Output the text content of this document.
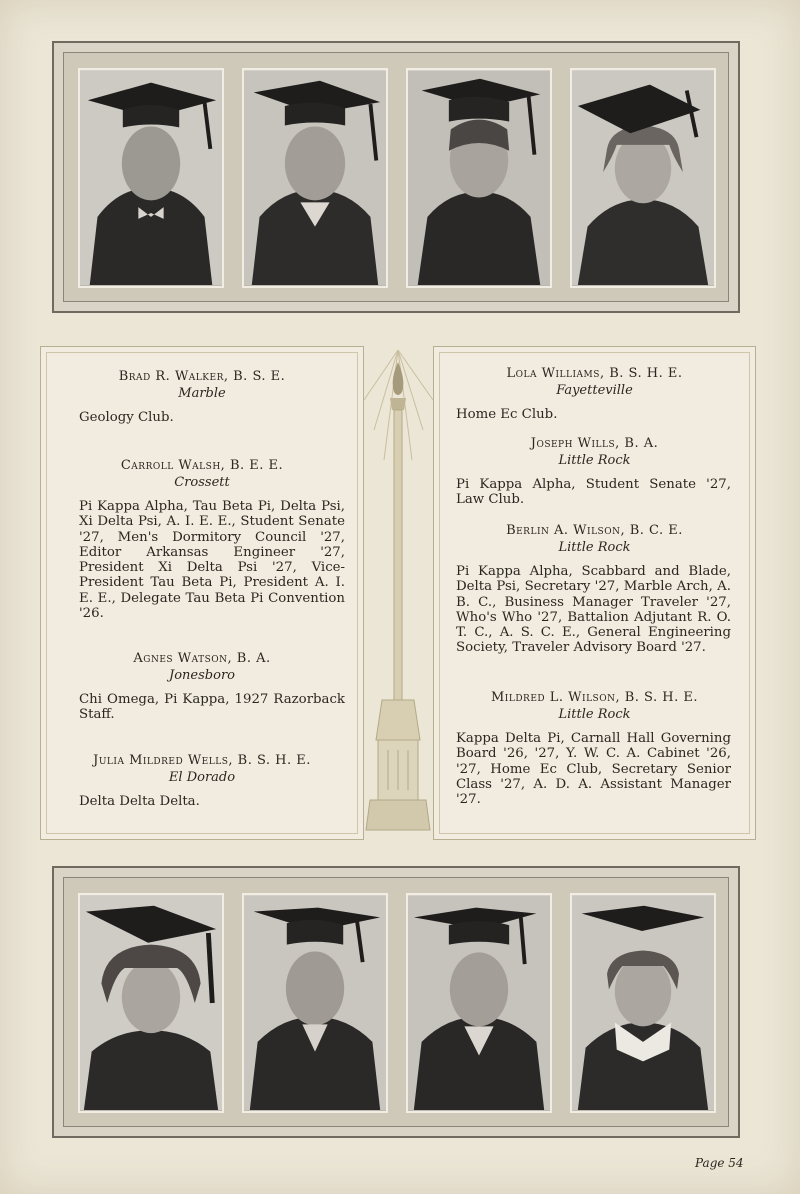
Brad R. Walker, B. S. E.
Marble
Geology Club.
Carroll Walsh, B. E. E.
Crossett
Pi Kappa Alpha, Tau Beta Pi, Delta Psi, Xi Delta Psi, A. I. E. E., Student Senate '27, Men's Dormitory Council '27, Editor Arkansas Engineer '27, President Xi Delta Psi '27, Vice-President Tau Beta Pi, President A. I. E. E., Delegate Tau Beta Pi Convention '26.
Agnes Watson, B. A.
Jonesboro
Chi Omega, Pi Kappa, 1927 Razorback Staff.
Julia Mildred Wells, B. S. H. E.
El Dorado
Delta Delta Delta.
Lola Williams, B. S. H. E.
Fayetteville
Home Ec Club.
Joseph Wills, B. A.
Little Rock
Pi Kappa Alpha, Student Senate '27, Law Club.
Berlin A. Wilson, B. C. E.
Little Rock
Pi Kappa Alpha, Scabbard and Blade, Delta Psi, Secretary '27, Marble Arch, A. B. C., Business Manager Traveler '27, Who's Who '27, Battalion Adjutant R. O. T. C., A. S. C. E., General Engineering Society, Traveler Advisory Board '27.
Mildred L. Wilson, B. S. H. E.
Little Rock
Kappa Delta Pi, Carnall Hall Governing Board '26, '27, Y. W. C. A. Cabinet '26, '27, Home Ec Club, Secretary Senior Class '27, A. D. A. Assistant Manager '27.
Page 54
